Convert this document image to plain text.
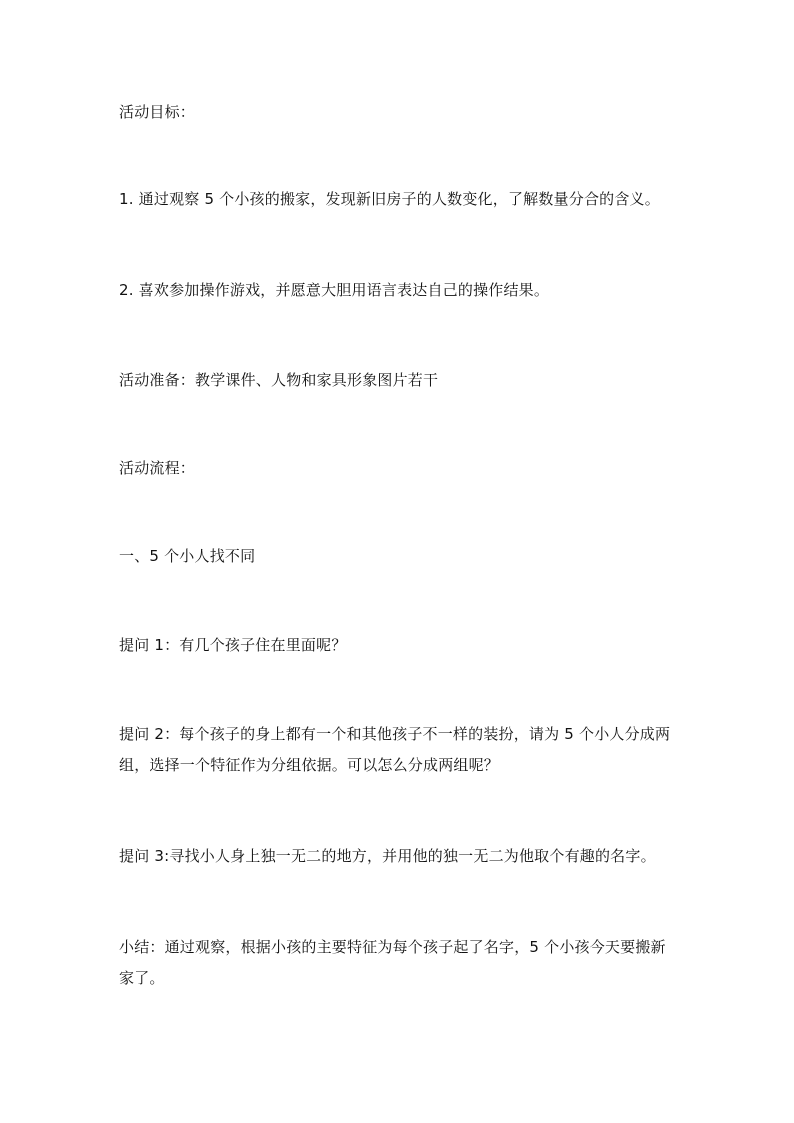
活动目标：
1. 通过观察 5 个小孩的搬家，发现新旧房子的人数变化，了解数量分合的含义。
2. 喜欢参加操作游戏，并愿意大胆用语言表达自己的操作结果。
活动准备：教学课件、人物和家具形象图片若干
活动流程：
一、5 个小人找不同
提问 1：有几个孩子住在里面呢？
提问 2：每个孩子的身上都有一个和其他孩子不一样的装扮，请为 5 个小人分成两组，选择一个特征作为分组依据。可以怎么分成两组呢？
提问 3:寻找小人身上独一无二的地方，并用他的独一无二为他取个有趣的名字。
小结：通过观察，根据小孩的主要特征为每个孩子起了名字，5 个小孩今天要搬新家了。
